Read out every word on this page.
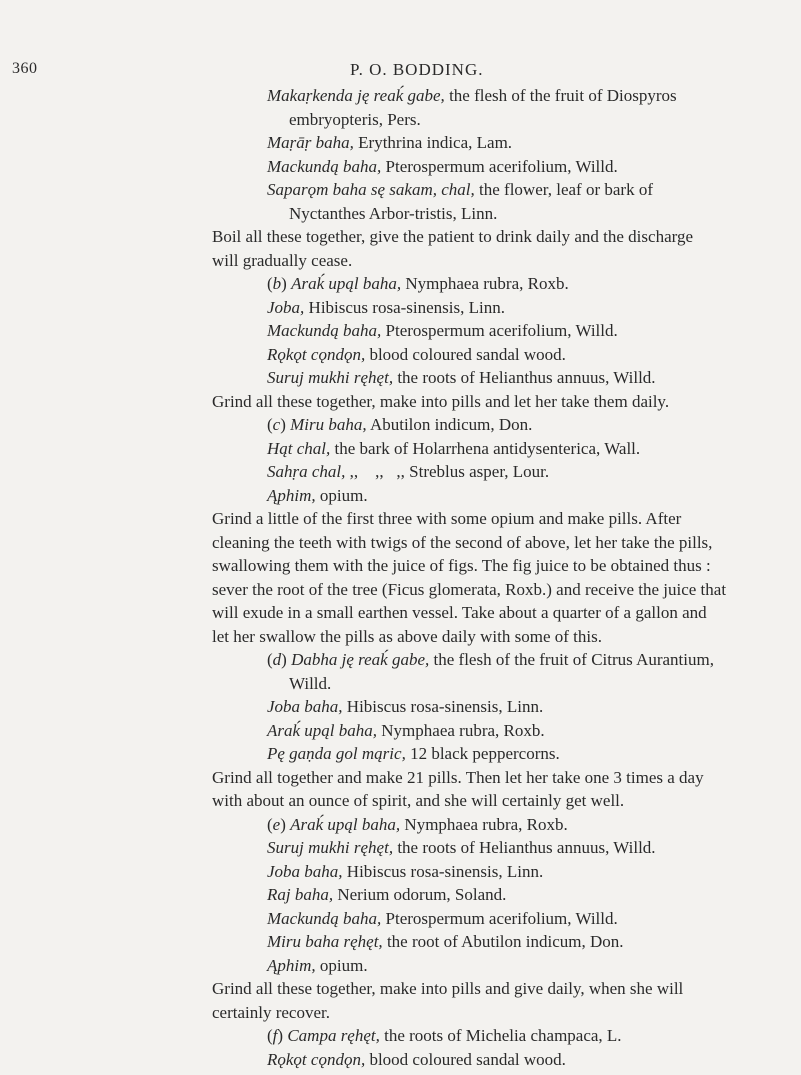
360	P. O. BODDING.
Makaṛkenda ję reaḱ gabe, the flesh of the fruit of Diospyros
embryopteris, Pers.
Maṛāṛ baha, Erythrina indica, Lam.
Mackundą baha, Pterospermum acerifolium, Willd.
Saparǫm baha sę sakam, chal, the flower, leaf or bark of
Nyctanthes Arbor-tristis, Linn.
Boil all these together, give the patient to drink daily and the discharge
will gradually cease.
(b) Araḱ upąl baha, Nymphaea rubra, Roxb.
Joba, Hibiscus rosa-sinensis, Linn.
Mackundą baha, Pterospermum acerifolium, Willd.
Rǫkǫt cǫndǫn, blood coloured sandal wood.
Suruj mukhi ręhęt, the roots of Helianthus annuus, Willd.
Grind all these together, make into pills and let her take them daily.
(c) Miru baha, Abutilon indicum, Don.
Hąt chal, the bark of Holarrhena antidysenterica, Wall.
Sahṛa chal, ,,    ,,   ,, Streblus asper, Lour.
Ąphim, opium.
Grind a little of the first three with some opium and make pills. After
cleaning the teeth with twigs of the second of above, let her take the pills,
swallowing them with the juice of figs. The fig juice to be obtained thus :
sever the root of the tree (Ficus glomerata, Roxb.) and receive the juice that
will exude in a small earthen vessel. Take about a quarter of a gallon and
let her swallow the pills as above daily with some of this.
(d) Dabha ję reaḱ gabe, the flesh of the fruit of Citrus Aurantium,
Willd.
Joba baha, Hibiscus rosa-sinensis, Linn.
Araḱ upąl baha, Nymphaea rubra, Roxb.
Pę gaṇda gol mąric, 12 black peppercorns.
Grind all together and make 21 pills. Then let her take one 3 times a day
with about an ounce of spirit, and she will certainly get well.
(e) Araḱ upąl baha, Nymphaea rubra, Roxb.
Suruj mukhi ręhęt, the roots of Helianthus annuus, Willd.
Joba baha, Hibiscus rosa-sinensis, Linn.
Raj baha, Nerium odorum, Soland.
Mackundą baha, Pterospermum acerifolium, Willd.
Miru baha ręhęt, the root of Abutilon indicum, Don.
Ąphim, opium.
Grind all these together, make into pills and give daily, when she will
certainly recover.
(f) Campa ręhęt, the roots of Michelia champaca, L.
Rǫkǫt cǫndǫn, blood coloured sandal wood.
